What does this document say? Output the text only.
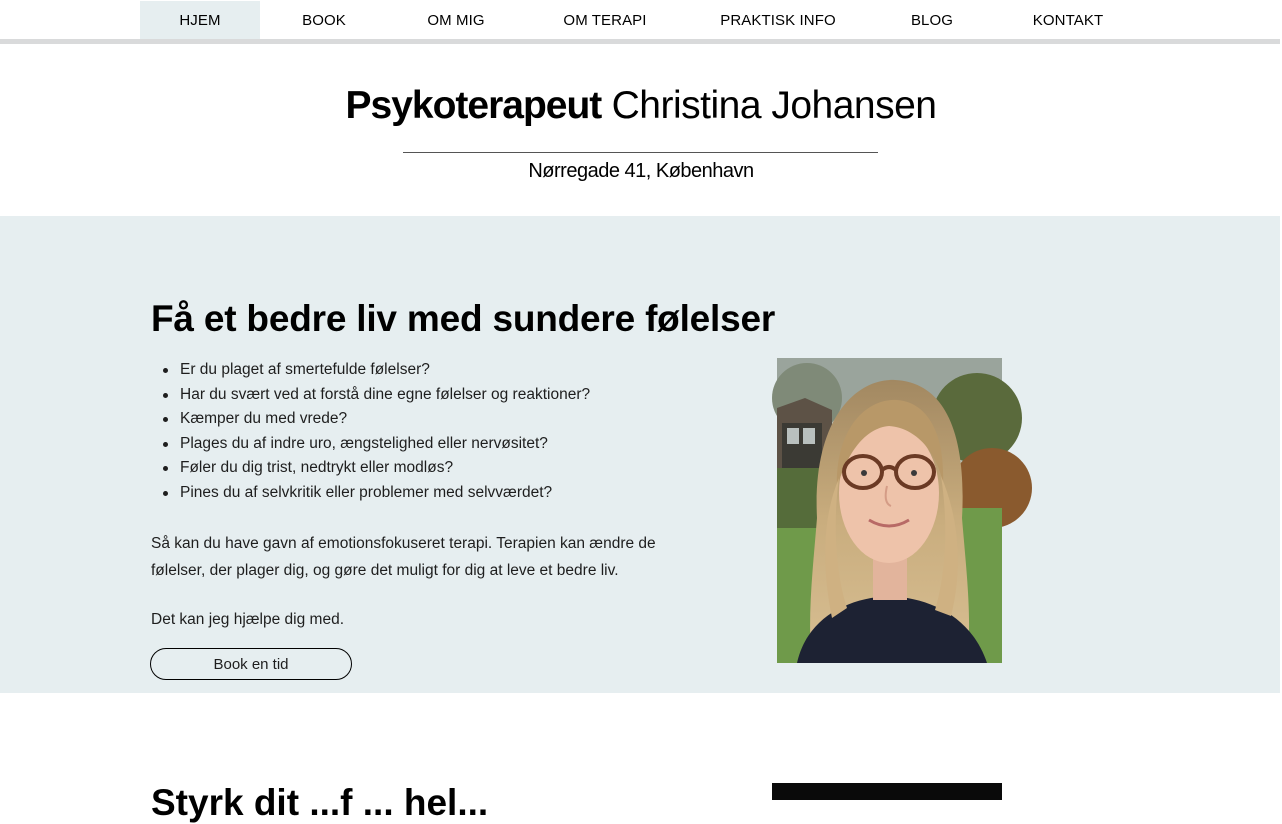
HJEM	BOOK	OM MIG	OM TERAPI	PRAKTISK INFO	BLOG	KONTAKT
Psykoterapeut Christina Johansen
Nørregade 41, København
Få et bedre liv med sundere følelser
Er du plaget af smertefulde følelser?
Har du svært ved at forstå dine egne følelser og reaktioner?
Kæmper du med vrede?
Plages du af indre uro, ængstelighed eller nervøsitet?
Føler du dig trist, nedtrykt eller modløs?
Pines du af selvkritik eller problemer med selvværdet?

Så kan du have gavn af emotionsfokuseret terapi. Terapien kan ændre de følelser, der plager dig, og gøre det muligt for dig at leve et bedre liv.

Det kan jeg hjælpe dig med.

Book en tid
Styrk dit ...f ... hel...
